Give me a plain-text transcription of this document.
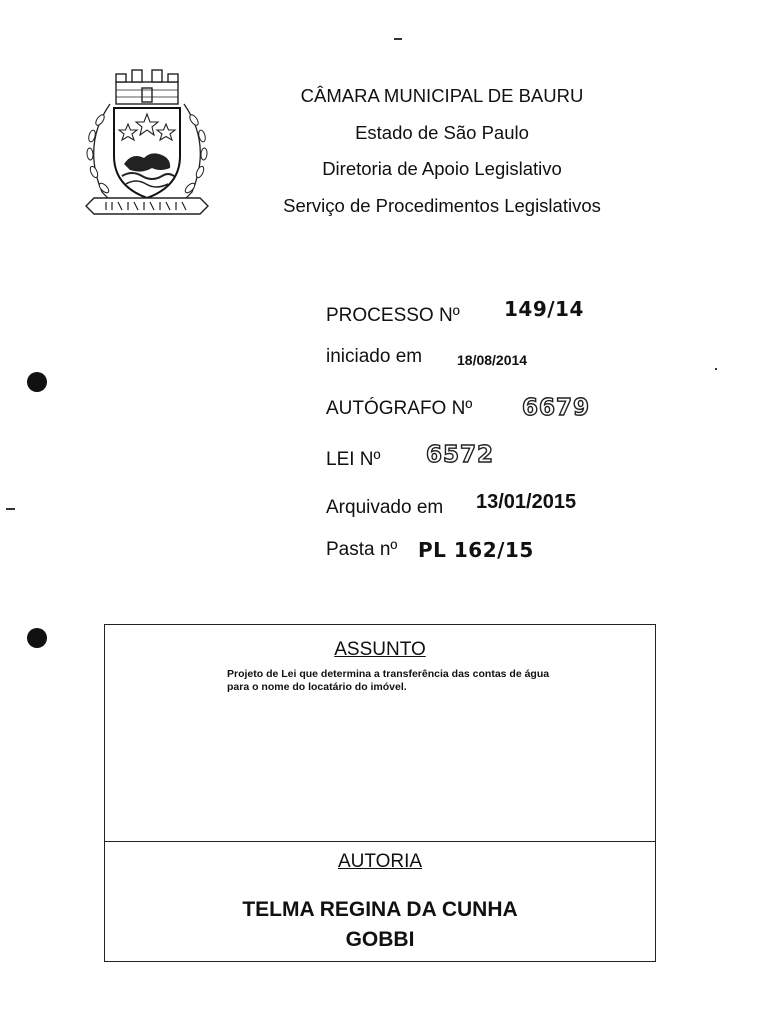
CÂMARA MUNICIPAL DE BAURU
Estado de São Paulo
Diretoria de Apoio Legislativo
Serviço de Procedimentos Legislativos
PROCESSO Nº 149/14
iniciado em 18/08/2014
AUTÓGRAFO Nº 6679
LEI Nº 6572
Arquivado em 13/01/2015
Pasta nº PL 162/15
ASSUNTO
Projeto de Lei que determina a transferência das contas de água para o nome do locatário do imóvel.
AUTORIA
TELMA REGINA DA CUNHA
GOBBI
